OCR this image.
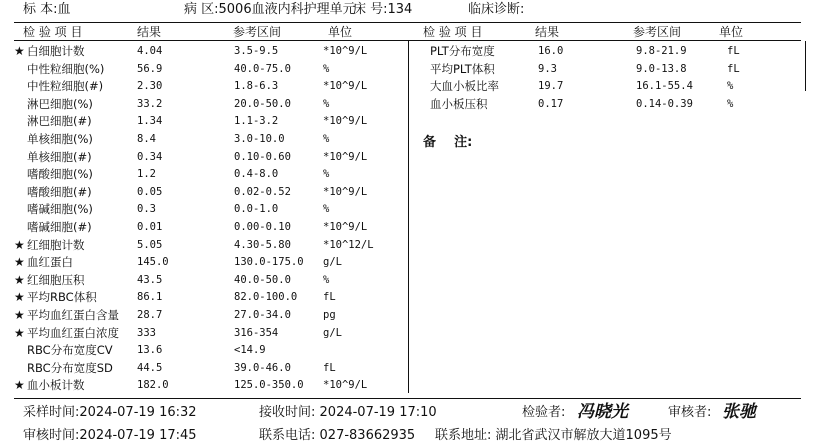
标 本:血	病 区:5006血液内科护理单元
床 号:134	临床诊断:
检 验 项 目	结果	参考区间	单位	检 验 项 目	结果	参考区间	单位
★ 白细胞计数	4.04	3.5-9.5	*10^9/L
中性粒细胞(%)	56.9	40.0-75.0	%
中性粒细胞(#)	2.30	1.8-6.3	*10^9/L
淋巴细胞(%)	33.2	20.0-50.0	%
淋巴细胞(#)	1.34	1.1-3.2	*10^9/L
单核细胞(%)	8.4	3.0-10.0	%
单核细胞(#)	0.34	0.10-0.60	*10^9/L
嗜酸细胞(%)	1.2	0.4-8.0	%
嗜酸细胞(#)	0.05	0.02-0.52	*10^9/L
嗜碱细胞(%)	0.3	0.0-1.0	%
嗜碱细胞(#)	0.01	0.00-0.10	*10^9/L
★ 红细胞计数	5.05	4.30-5.80	*10^12/L
★ 血红蛋白	145.0	130.0-175.0 g/L
★ 红细胞压积	43.5	40.0-50.0	%
★ 平均RBC体积	86.1	82.0-100.0 fL
★ 平均血红蛋白含量 28.7	27.0-34.0	pg
★ 平均血红蛋白浓度 333	316-354	g/L
RBC分布宽度CV 13.6	<14.9
RBC分布宽度SD 44.5	39.0-46.0	fL
★ 血小板计数	182.0	125.0-350.0 *10^9/L
PLT分布宽度	16.0	9.8-21.9	fL
平均PLT体积	9.3	9.0-13.8	fL
大血小板比率	19.7	16.1-55.4	%
血小板压积	0.17	0.14-0.39	%
备    注:
采样时间:2024-07-19 16:32	接收时间: 2024-07-19 17:10	检验者: 冯晓光	审核者: 张驰
审核时间:2024-07-19 17:45	联系电话: 027-83662935 联系地址: 湖北省武汉市解放大道1095号
